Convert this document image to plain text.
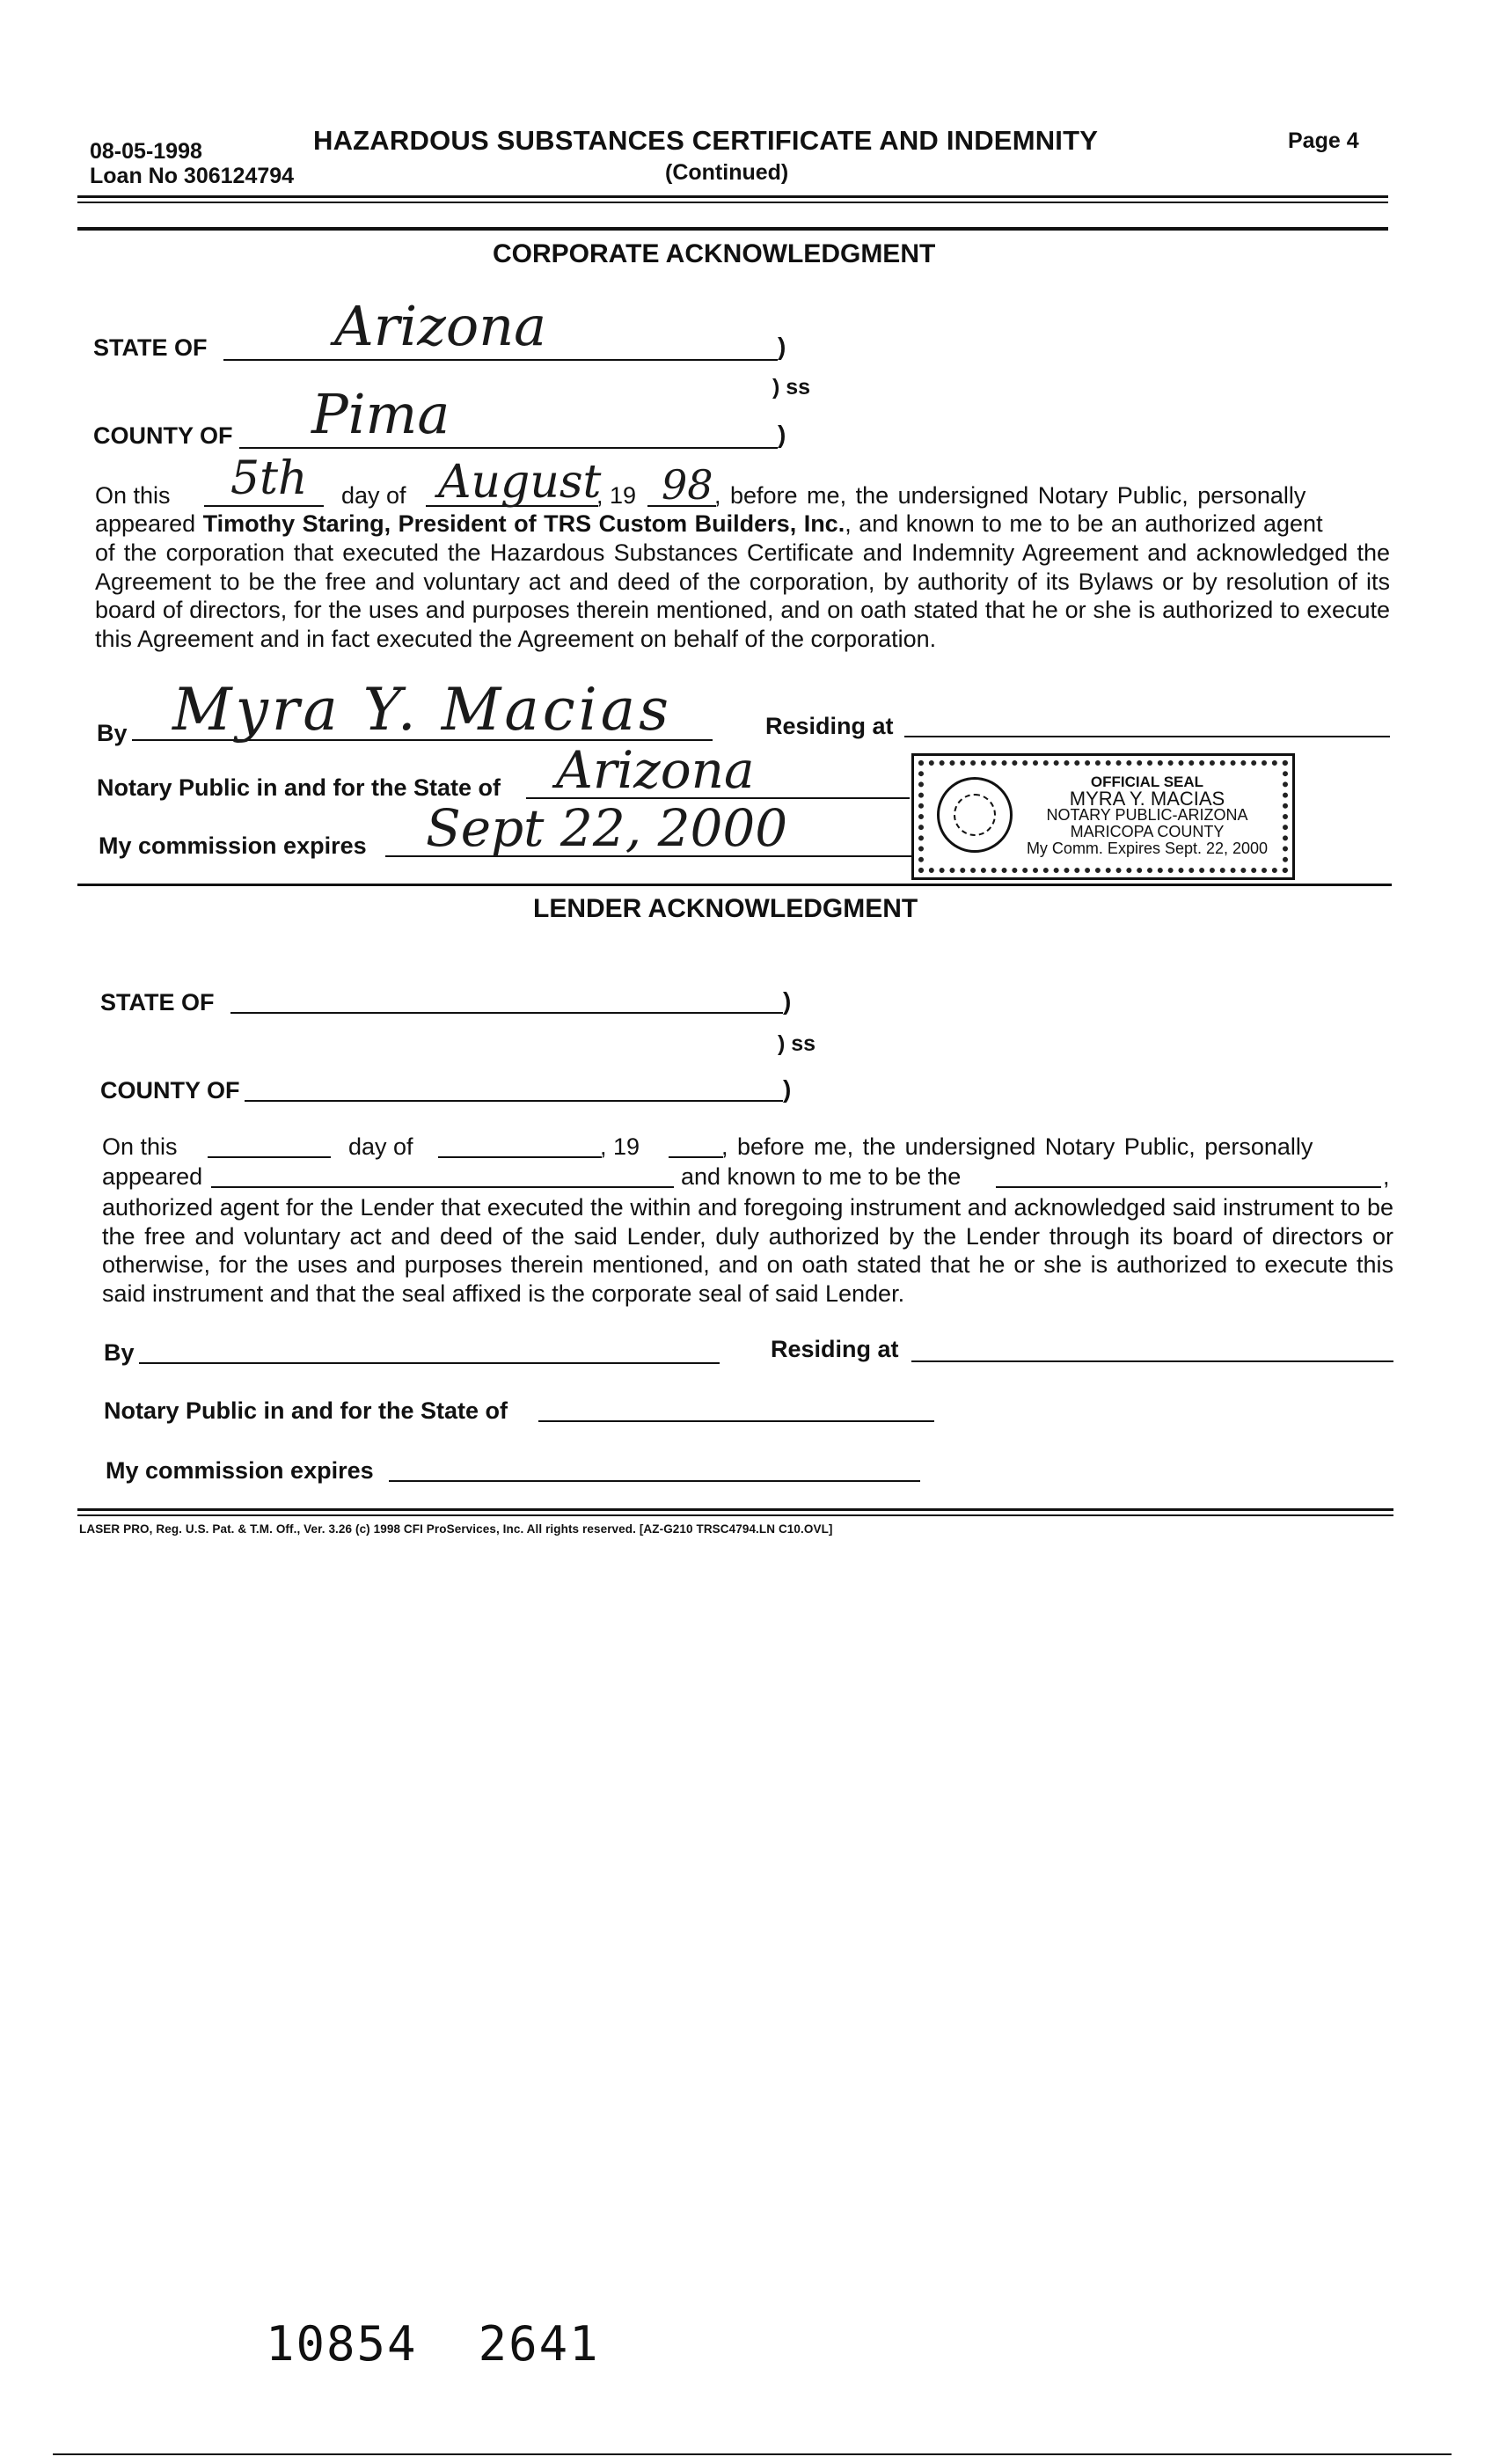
08-05-1998
Loan No 306124794
HAZARDOUS SUBSTANCES CERTIFICATE AND INDEMNITY
(Continued)
Page 4
CORPORATE ACKNOWLEDGMENT
STATE OF	)
Arizona
) ss
COUNTY OF	)
Pima
On this 5th day of August
, 19 98 , before me, the undersigned Notary Public, personally
appeared Timothy Staring, President of TRS Custom Builders, Inc., and known to me to be an authorized agent
of the corporation that executed the Hazardous Substances Certificate and Indemnity Agreement and acknowledged the Agreement to be the free and voluntary act and deed of the corporation, by authority of its Bylaws or by resolution of its board of directors, for the uses and purposes therein mentioned, and on oath stated that he or she is authorized to execute this Agreement and in fact executed the Agreement on behalf of the corporation.
By Myra Y. Macias	Residing at
Notary Public in and for the State of Arizona
My commission expires Sept 22, 2000
OFFICIAL SEAL
MYRA Y. MACIAS
NOTARY PUBLIC-ARIZONA
MARICOPA COUNTY
My Comm. Expires Sept. 22, 2000
LENDER ACKNOWLEDGMENT
STATE OF	)
) ss
COUNTY OF	)
On this	day of	, 19	, before me, the undersigned Notary Public, personally
appeared	and known to me to be the	,
authorized agent for the Lender that executed the within and foregoing instrument and acknowledged said instrument to be the free and voluntary act and deed of the said Lender, duly authorized by the Lender through its board of directors or otherwise, for the uses and purposes therein mentioned, and on oath stated that he or she is authorized to execute this said instrument and that the seal affixed is the corporate seal of said Lender.
By	Residing at
Notary Public in and for the State of
My commission expires
LASER PRO, Reg. U.S. Pat. & T.M. Off., Ver. 3.26 (c) 1998 CFI ProServices, Inc. All rights reserved. [AZ-G210 TRSC4794.LN C10.OVL]
10854  2641
